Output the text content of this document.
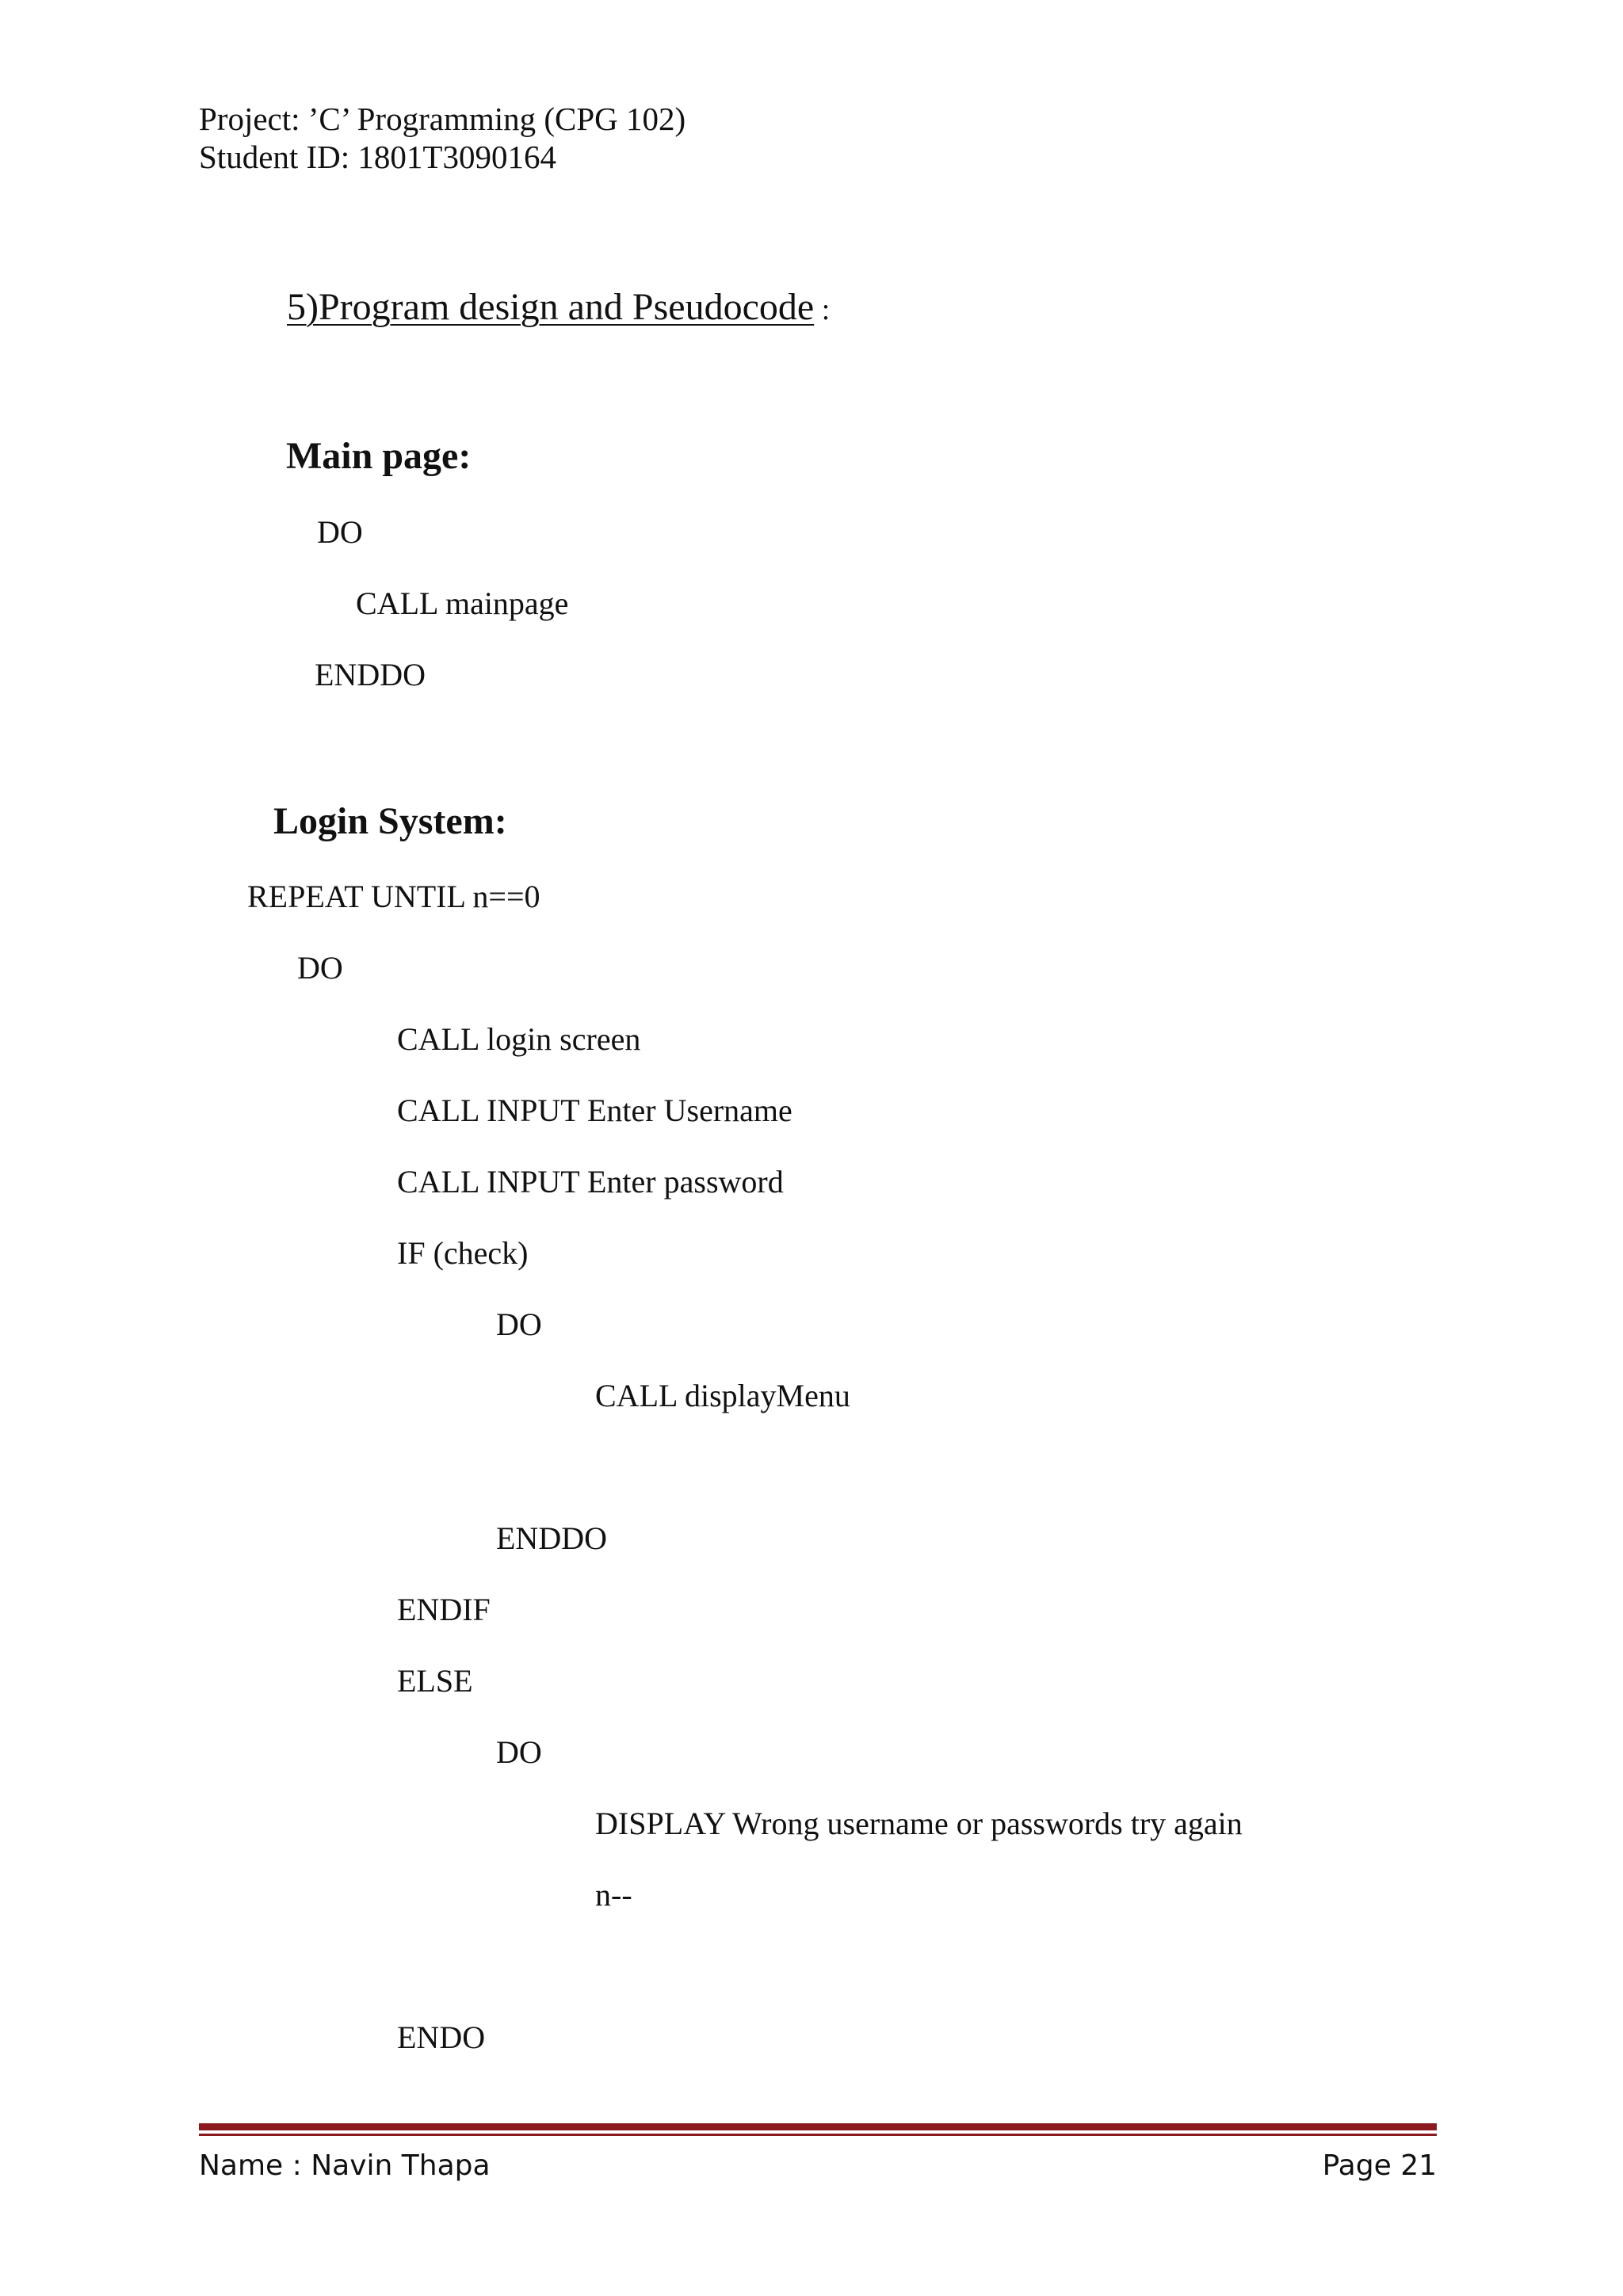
Project: ’C’ Programming (CPG 102)
Student ID: 1801T3090164
5)Program design and Pseudocode :
Main page:
DO
CALL mainpage
ENDDO
Login System:
REPEAT UNTIL n==0
DO
CALL login screen
CALL INPUT Enter Username
CALL INPUT Enter password
IF (check)
DO
CALL displayMenu
ENDDO
ENDIF
ELSE
DO
DISPLAY Wrong username or passwords try again
n--
ENDO
Name : Navin Thapa	Page 21
